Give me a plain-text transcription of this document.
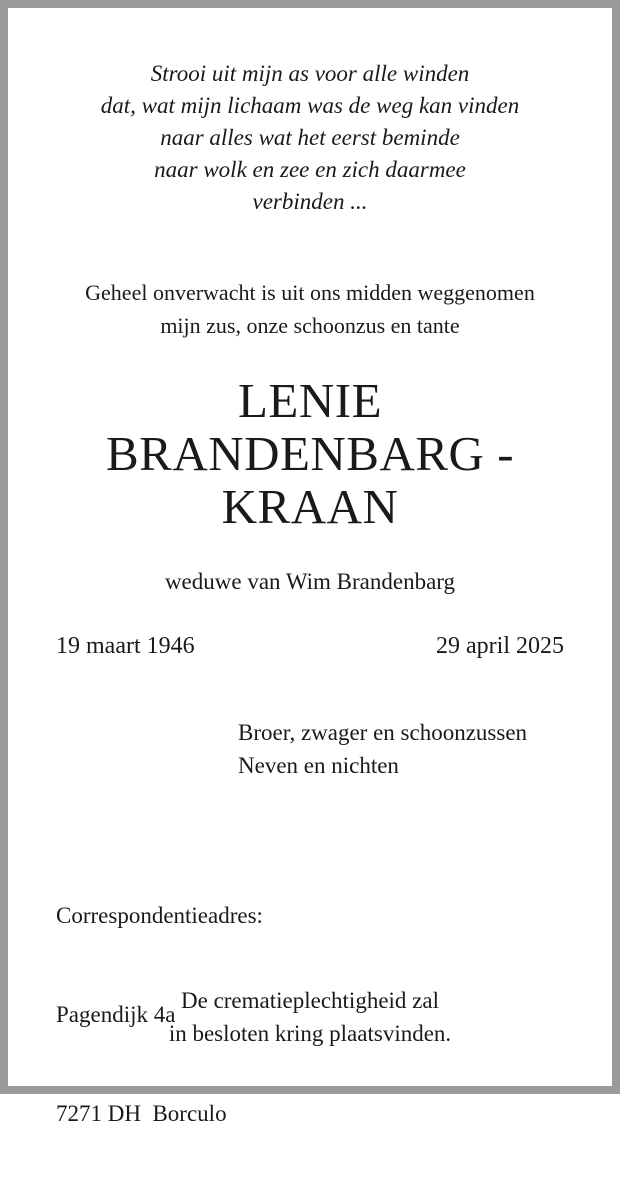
Strooi uit mijn as voor alle winden
dat, wat mijn lichaam was de weg kan vinden
naar alles wat het eerst beminde
naar wolk en zee en zich daarmee
verbinden ...
Geheel onverwacht is uit ons midden weggenomen
mijn zus, onze schoonzus en tante
LENIE
BRANDENBARG -
KRAAN
weduwe van Wim Brandenbarg
19 maart 1946	29 april 2025
Broer, zwager en schoonzussen
Neven en nichten

Correspondentieadres:

Pagendijk 4a

7271 DH  Borculo

De crematieplechtigheid zal
in besloten kring plaatsvinden.
